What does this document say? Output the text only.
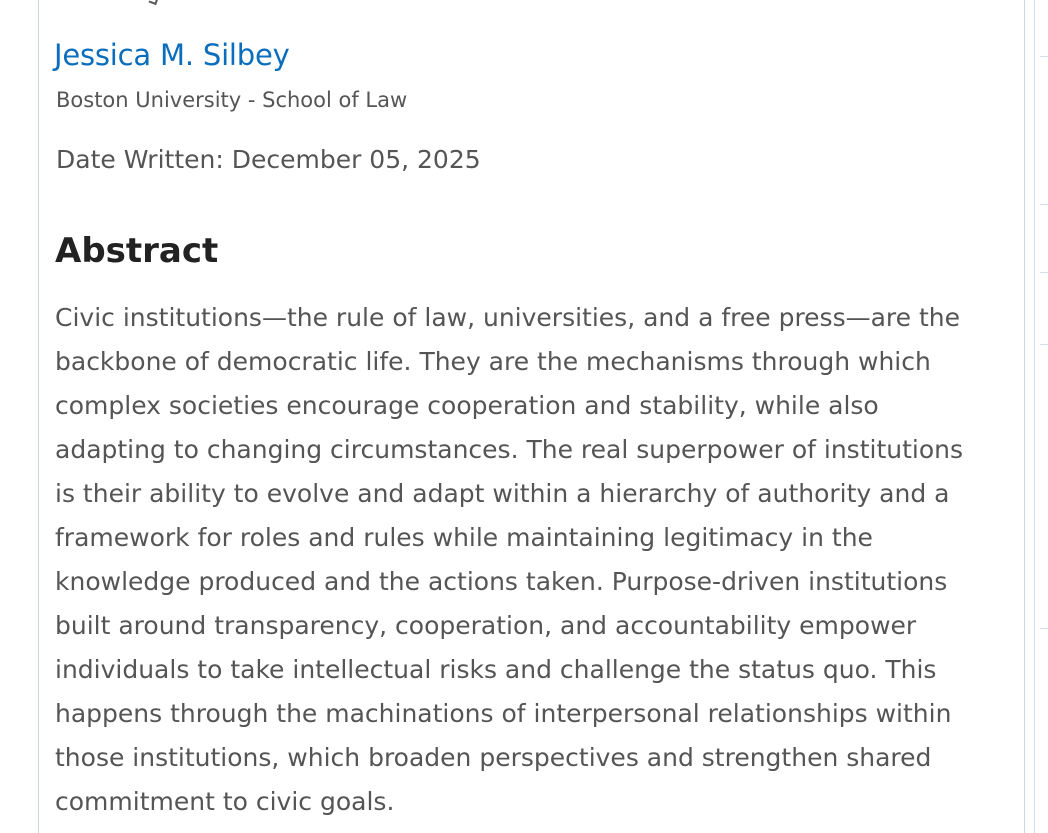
Jessica M. Silbey
Boston University - School of Law
Date Written: December 05, 2025
Abstract
Civic institutions—the rule of law, universities, and a free press—are the
backbone of democratic life. They are the mechanisms through which
complex societies encourage cooperation and stability, while also
adapting to changing circumstances. The real superpower of institutions
is their ability to evolve and adapt within a hierarchy of authority and a
framework for roles and rules while maintaining legitimacy in the
knowledge produced and the actions taken. Purpose-driven institutions
built around transparency, cooperation, and accountability empower
individuals to take intellectual risks and challenge the status quo. This
happens through the machinations of interpersonal relationships within
those institutions, which broaden perspectives and strengthen shared
commitment to civic goals.
